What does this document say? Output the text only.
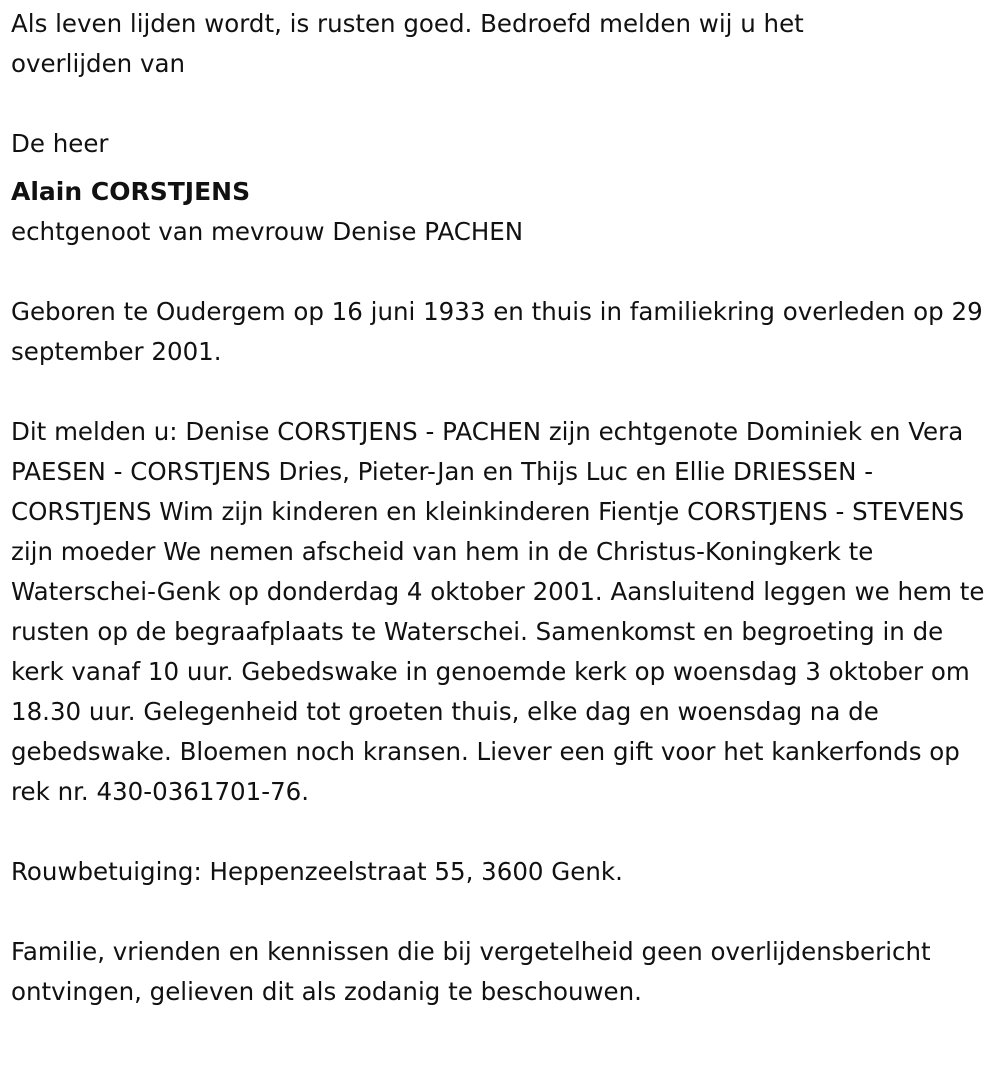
Als leven lijden wordt, is rusten goed. Bedroefd melden wij u het overlijden van

De heer

Alain CORSTJENS

echtgenoot van mevrouw Denise PACHEN

Geboren te Oudergem op 16 juni 1933 en thuis in familiekring overleden op 29 september 2001.

Dit melden u: Denise CORSTJENS - PACHEN zijn echtgenote Dominiek en Vera PAESEN - CORSTJENS Dries, Pieter-Jan en Thijs Luc en Ellie DRIESSEN - CORSTJENS Wim zijn kinderen en kleinkinderen Fientje CORSTJENS - STEVENS zijn moeder We nemen afscheid van hem in de Christus-Koningkerk te Waterschei-Genk op donderdag 4 oktober 2001. Aansluitend leggen we hem te rusten op de begraafplaats te Waterschei. Samenkomst en begroeting in de kerk vanaf 10 uur. Gebedswake in genoemde kerk op woensdag 3 oktober om 18.30 uur. Gelegenheid tot groeten thuis, elke dag en woensdag na de gebedswake. Bloemen noch kransen. Liever een gift voor het kankerfonds op rek nr. 430-0361701-76.

Rouwbetuiging: Heppenzeelstraat 55, 3600 Genk.

Familie, vrienden en kennissen die bij vergetelheid geen overlijdensbericht ontvingen, gelieven dit als zodanig te beschouwen.
